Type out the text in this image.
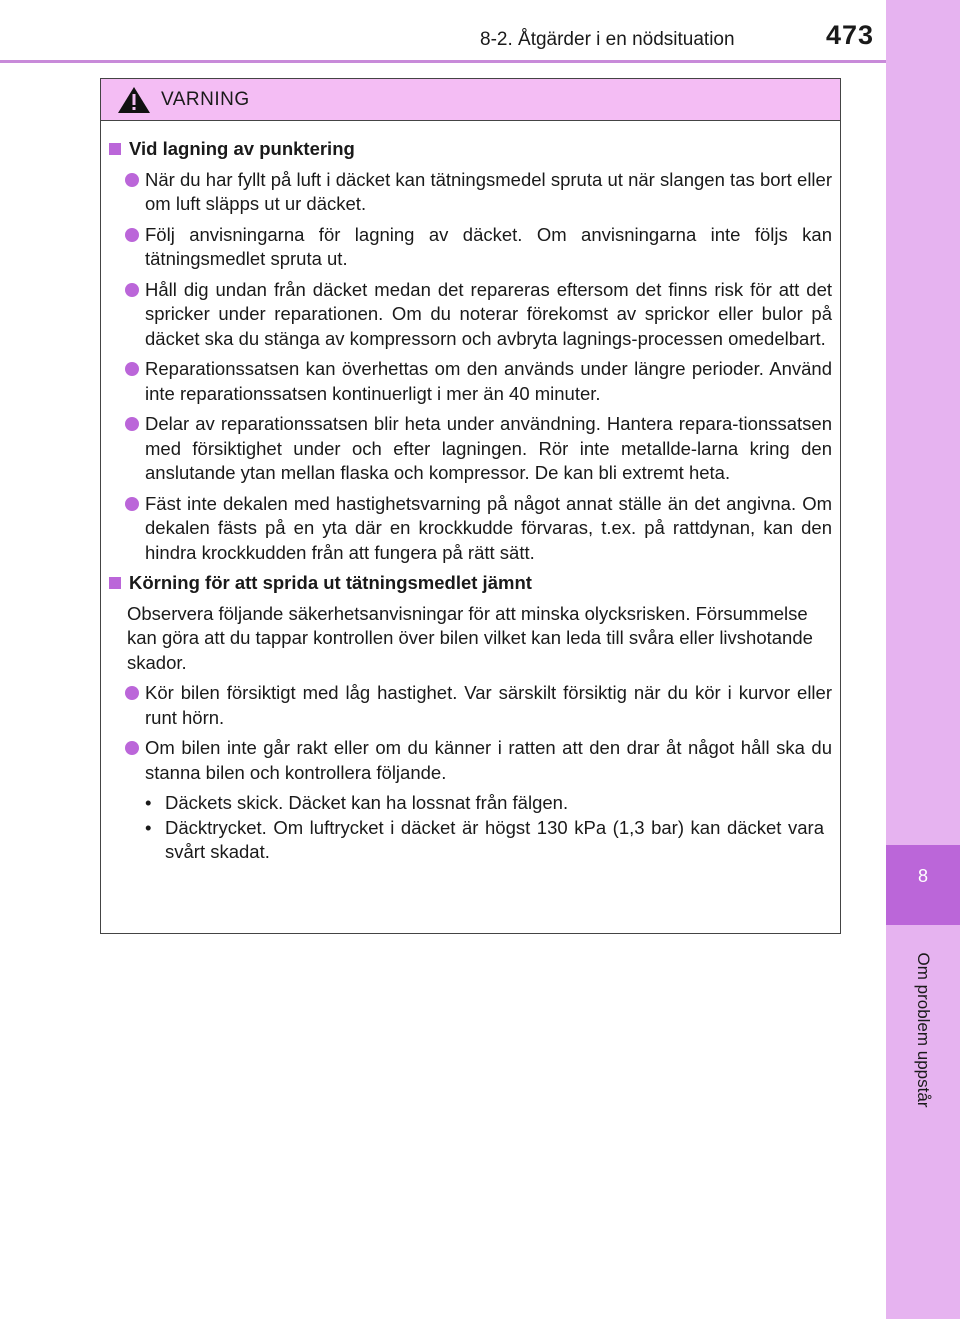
8
Om problem uppstår
8-2. Åtgärder i en nödsituation	473
VARNING
Vid lagning av punktering
När du har fyllt på luft i däcket kan tätningsmedel spruta ut när slangen tas bort eller om luft släpps ut ur däcket.
Följ anvisningarna för lagning av däcket. Om anvisningarna inte följs kan tätningsmedlet spruta ut.
Håll dig undan från däcket medan det repareras eftersom det finns risk för att det spricker under reparationen. Om du noterar förekomst av sprickor eller bulor på däcket ska du stänga av kompressorn och avbryta lagnings-processen omedelbart.
Reparationssatsen kan överhettas om den används under längre perioder. Använd inte reparationssatsen kontinuerligt i mer än 40 minuter.
Delar av reparationssatsen blir heta under användning. Hantera repara-tionssatsen med försiktighet under och efter lagningen. Rör inte metallde-larna kring den anslutande ytan mellan flaska och kompressor. De kan bli extremt heta.
Fäst inte dekalen med hastighetsvarning på något annat ställe än det angivna. Om dekalen fästs på en yta där en krockkudde förvaras, t.ex. på rattdynan, kan den hindra krockkudden från att fungera på rätt sätt.
Körning för att sprida ut tätningsmedlet jämnt
Observera följande säkerhetsanvisningar för att minska olycksrisken. Försummelse kan göra att du tappar kontrollen över bilen vilket kan leda till svåra eller livshotande skador.
Kör bilen försiktigt med låg hastighet. Var särskilt försiktig när du kör i kurvor eller runt hörn.
Om bilen inte går rakt eller om du känner i ratten att den drar åt något håll ska du stanna bilen och kontrollera följande.
• Däckets skick. Däcket kan ha lossnat från fälgen.
• Däcktrycket. Om luftrycket i däcket är högst 130 kPa (1,3 bar) kan däcket vara svårt skadat.
